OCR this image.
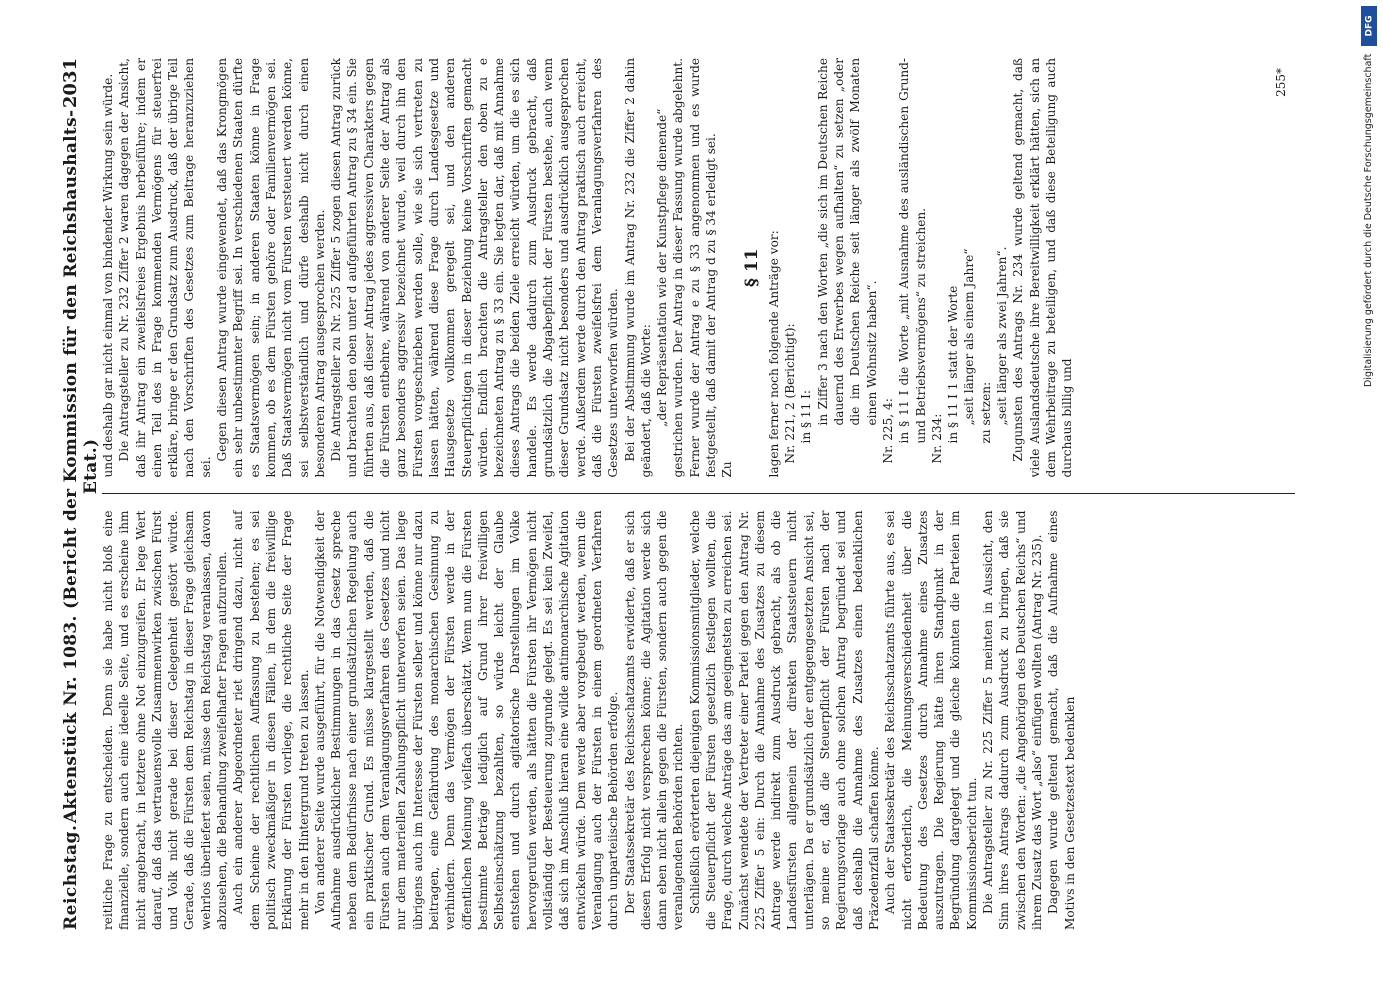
Reichstag.
Aktenstück Nr. 1083. (Bericht der Kommission für den Reichshaushalts-Etat.)
2031

reitliche Frage zu entscheiden. Denn sie habe nicht bloß eine finanzielle, sondern auch eine ideelle Seite, und es erscheine ihm nicht angebracht, in letztere ohne Not einzugreifen. Er lege Wert darauf, daß das vertrauensvolle Zusammenwirken zwischen Fürst und Volk nicht gerade bei dieser Gelegenheit gestört würde. Gerade, daß die Fürsten dem Reichstag in dieser Frage gleichsam wehrlos überliefert seien, müsse den Reichstag veranlassen, davon abzusehen, die Behandlung zweifelhafter Fragen aufzurollen. Auch ein anderer Abgeordneter riet dringend dazu, nicht auf dem Scheine der rechtlichen Auffassung zu bestehen; es sei politisch zweckmäßiger in diesen Fällen, in dem die freiwillige Erklärung der Fürsten vorliege, die rechtliche Seite der Frage mehr in den Hintergrund treten zu lassen. Von anderer Seite wurde ausgeführt, für die Notwendigkeit der Aufnahme ausdrücklicher Bestimmungen in das Gesetz spreche neben dem Bedürfnisse nach einer grundsätzlichen Regelung auch ein praktischer Grund. Es müsse klargestellt werden, daß die Fürsten auch dem Veranlagungsverfahren des Gesetzes und nicht nur dem materiellen Zahlungspflicht unterworfen seien. Das liege übrigens auch im Interesse der Fürsten selber und könne nur dazu beitragen, eine Gefährdung des monarchischen Gesinnung zu verhindern. Denn das Vermögen der Fürsten werde in der öffentlichen Meinung vielfach überschätzt. Wenn nun die Fürsten bestimmte Beträge lediglich auf Grund ihrer freiwilligen Selbsteinschätzung bezahlten, so würde leicht der Glaube entstehen und durch agitatorische Darstellungen im Volke hervorgerufen werden, als hätten die Fürsten ihr Vermögen nicht vollständig der Besteuerung zugrunde gelegt. Es sei kein Zweifel, daß sich im Anschluß hieran eine wilde antimonarchische Agitation entwickeln würde. Dem werde aber vorgebeugt werden, wenn die Veranlagung auch der Fürsten in einem geordneten Verfahren durch unparteiische Behörden erfolge. Der Staatssekretär des Reichsschatzamts erwiderte, daß er sich diesen Erfolg nicht versprechen könne; die Agitation werde sich dann eben nicht allein gegen die Fürsten, sondern auch gegen die veranlagenden Behörden richten. Schließlich erörterten diejenigen Kommissionsmitglieder, welche die Steuerpflicht der Fürsten gesetzlich festlegen wollten, die Frage, durch welche Anträge das am geeignetsten zu erreichen sei. Zunächst wendete der Vertreter einer Partei gegen den Antrag Nr. 225 Ziffer 5 ein: Durch die Annahme des Zusatzes zu diesem Antrage werde indirekt zum Ausdruck gebracht, als ob die Landesfürsten allgemein der direkten Staatssteuern nicht unterlägen. Da er grundsätzlich der entgegengesetzten Ansicht sei, so meine er, daß die Steuerpflicht der Fürsten nach der Regierungsvorlage auch ohne solchen Antrag begründet sei und daß deshalb die Annahme des Zusatzes einen bedenklichen Präzedenzfall schaffen könne. Auch der Staatssekretär des Reichsschatzamts führte aus, es sei nicht erforderlich, die Meinungsverschiedenheit über die Bedeutung des Gesetzes durch Annahme eines Zusatzes auszutragen. Die Regierung hätte ihren Standpunkt in der Begründung dargelegt und die gleiche könnten die Parteien im Kommissionsbericht tun. Die Antragsteller zu Nr. 225 Ziffer 5 meinten in Aussicht, den Sinn ihres Antrags dadurch zum Ausdruck zu bringen, daß sie zwischen den Worten: „die Angehörigen des Deutschen Reichs“ und ihrem Zusatz das Wort „also“ einfügen wollten (Antrag Nr. 235). Dagegen wurde geltend gemacht, daß die Aufnahme eines Motivs in den Gesetzestext bedenklen

und deshalb gar nicht einmal von bindender Wirkung sein würde. Die Antragsteller zu Nr. 232 Ziffer 2 waren dagegen der Ansicht, daß ihr Antrag ein zweifelsfreies Ergebnis herbeiführe; indem er einen Teil des in Frage kommenden Vermögens für steuerfrei erkläre, bringe er den Grundsatz zum Ausdruck, daß der übrige Teil nach den Vorschriften des Gesetzes zum Beitrage heranzuziehen sei.

Gegen diesen Antrag wurde eingewendet, daß das Krongmögen ein sehr unbestimmter Begriff sei. In verschiedenen Staaten dürfte es Staatsvermögen sein; in anderen Staaten könne in Frage kommen, ob es dem Fürsten gehöre oder Familienvermögen sei. Daß Staatsvermögen nicht vom Fürsten versteuert werden könne, sei selbstverständlich und dürfe deshalb nicht durch einen besonderen Antrag ausgesprochen werden. Die Antragsteller zu Nr. 225 Ziffer 5 zogen diesen Antrag zurück und brachten den oben unter d aufgeführten Antrag zu § 34 ein. Sie führten aus, daß dieser Antrag jedes aggressiven Charakters gegen die Fürsten entbehre, während von anderer Seite der Antrag als ganz besonders aggressiv bezeichnet wurde, weil durch ihn den Fürsten vorgeschrieben werden solle, wie sie sich vertreten zu lassen hätten, während diese Frage durch Landesgesetze und Hausgesetze vollkommen geregelt sei, und den anderen Steuerpflichtigen in dieser Beziehung keine Vorschriften gemacht würden. Endlich brachten die Antragsteller den oben zu e bezeichneten Antrag zu § 33 ein. Sie legten dar, daß mit Annahme dieses Antrags die beiden Ziele erreicht würden, um die es sich handele. Es werde dadurch zum Ausdruck gebracht, daß grundsätzlich die Abgabepflicht der Fürsten bestehe, auch wenn dieser Grundsatz nicht besonders und ausdrücklich ausgesprochen werde. Außerdem werde durch den Antrag praktisch auch erreicht, daß die Fürsten zweifelsfrei dem Veranlagungsverfahren des Gesetzes unterworfen würden. Bei der Abstimmung wurde im Antrag Nr. 232 die Ziffer 2 dahin geändert, daß die Worte: „der Repräsentation wie der Kunstpflege dienende“ gestrichen wurden. Der Antrag in dieser Fassung wurde abgelehnt. Ferner wurde der Antrag e zu § 33 angenommen und es wurde festgestellt, daß damit der Antrag d zu § 34 erledigt sei. Zu

§ 11 lagen ferner noch folgende Anträge vor: Nr. 221, 2 (Berichtigt): in § 11 I: in Ziffer 3 nach den Worten „die sich im Deutschen Reiche dauernd des Erwerbes wegen aufhalten“ zu setzen „oder die im Deutschen Reiche seit länger als zwölf Monaten einen Wohnsitz haben“.

Nr. 225, 4: in § 11 I die Worte „mit Ausnahme des ausländischen Grund- und Betriebsvermögens“ zu streichen. Nr. 234: in § 11 I 1 statt der Worte „seit länger als einem Jahre“ zu setzen: „seit länger als zwei Jahren“. Zugunsten des Antrags Nr. 234 wurde geltend gemacht, daß viele Auslandsdeutsche ihre Bereitwilligkeit erklärt hätten, sich an dem Wehrbeitrage zu beteiligen, und daß diese Beteiligung auch durchaus billig und

255*
DFG
Digitalisierung gefördert durch die Deutsche Forschungsgemeinschaft
